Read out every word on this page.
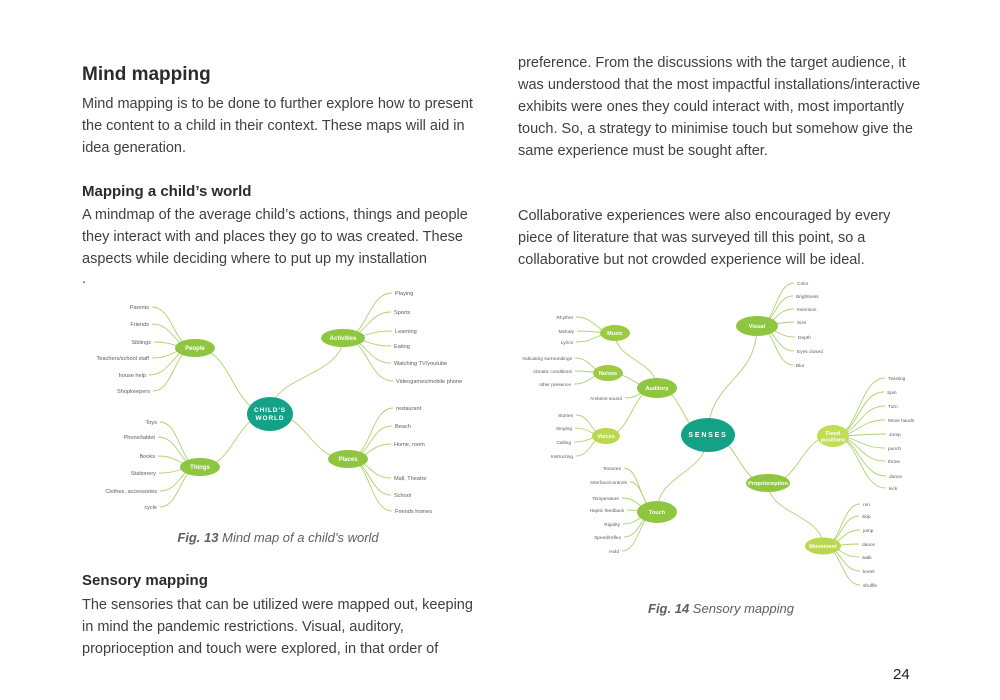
Mind mapping

Mind mapping is to be done to further explore how to present the content to a child in their context. These maps will aid in idea generation.

Mapping a child’s world

A mindmap of the average child’s actions, things and people they interact with and places they go to was created. These aspects while deciding where to put up my installation

.

CHILD'S WORLD
People
Things
Activities
Places
Parents
Friends
Siblings
Teachers/school staff
house help
Shopkeepers
Toys
Phone/tablet
Books
Stationery
Clothes, accessories
cycle
Playing
Sports
Learning
Eating
Watching TV/youtube
Videogames/mobile phone
restaurant
Beach
Home, room
Mall, Theatre
School
Friends homes
Fig. 13 Mind map of a child’s world
Sensory mapping

The sensories that can be utilized were mapped out, keeping in mind the pandemic restrictions. Visual, auditory, proprioception and touch were explored, in that order of

preference. From the discussions with the target audience, it was understood that the most impactful installations/interactive exhibits were ones they could interact with, most importantly touch. So, a strategy to minimise touch but somehow give the same experience must be sought after.

Collaborative experiences were also encouraged by every piece of literature that was surveyed till this point, so a collaborative but not crowded experience will be ideal.

SENSES
Visual
Auditory
Music
Noises
Voices
Touch
Proprioception
Fixed positions
Movement
Color
Brightness
Inversion
Size
Depth
Eyes closed
Blur
Rhythm
Melody
Lyrics
Indicating surroundings
climatic conditions
other presence
Ambient sound
Stories
Singing
Calling
Instructing
Textures
Interface/controls
Temperature
Haptic feedback
Rigidity
Speed/reflex
Hold
Twisting
Spin
Turn
Move hands
Jump
punch
throw
dance
kick
run
skip
jump
dance
walk
kneel
shuffle
Fig. 14 Sensory mapping
24
